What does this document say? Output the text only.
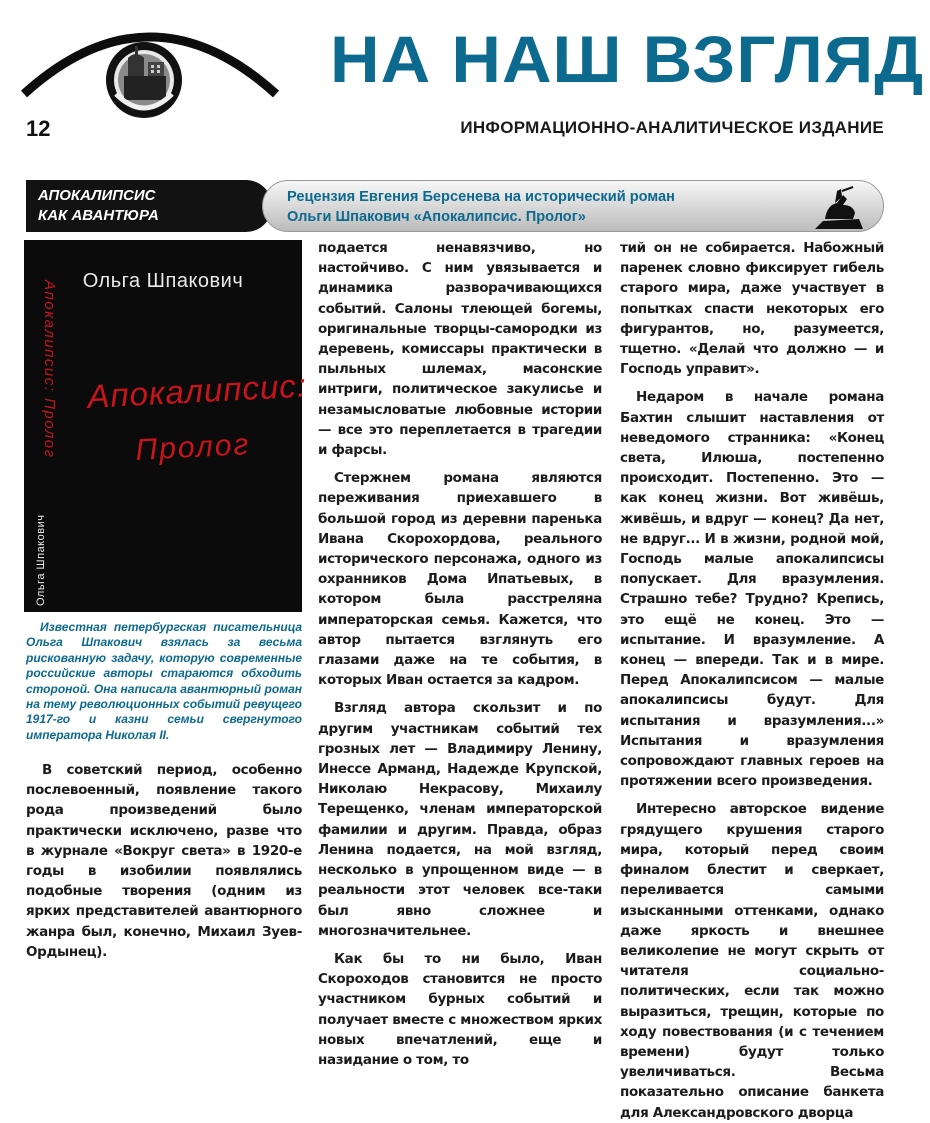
НА НАШ ВЗГЛЯД
12	ИНФОРМАЦИОННО-АНАЛИТИЧЕСКОЕ ИЗДАНИЕ
АПОКАЛИПСИС
КАК АВАНТЮРА
Рецензия Евгения Берсенева на исторический роман
Ольги Шпакович «Апокалипсис. Пролог»
Ольга Шпакович
Апокалипсис: Пролог
Ольга Шпакович
Апокалипсис:
Пролог
Известная петербургская писательница Ольга Шпакович взялась за весьма рискованную задачу, которую современные российские авторы стараются обходить стороной. Она написала авантюрный роман на тему революционных событий ревущего 1917-го и казни семьи свергнутого императора Николая II.

В советский период, особенно послевоенный, появление такого рода произведений было практически исключено, разве что в журнале «Вокруг света» в 1920-е годы в изобилии появлялись подобные творения (одним из ярких представителей авантюрного жанра был, конечно, Михаил Зуев-Ордынец).

подается ненавязчиво, но настойчиво. С ним увязывается и динамика разворачивающихся событий. Салоны тлеющей богемы, оригинальные творцы-самородки из деревень, комиссары практически в пыльных шлемах, масонские интриги, политическое закулисье и незамысловатые любовные истории — все это переплетается в трагедии и фарсы.

Стержнем романа являются переживания приехавшего в большой город из деревни паренька Ивана Скорохордова, реального исторического персонажа, одного из охранников Дома Ипатьевых, в котором была расстреляна императорская семья. Кажется, что автор пытается взглянуть его глазами даже на те события, в которых Иван остается за кадром.

Взгляд автора скользит и по другим участникам событий тех грозных лет — Владимиру Ленину, Инессе Арманд, Надежде Крупской, Николаю Некрасову, Михаилу Терещенко, членам императорской фамилии и другим. Правда, образ Ленина подается, на мой взгляд, несколько в упрощенном виде — в реальности этот человек все-таки был явно сложнее и многозначительнее.

Как бы то ни было, Иван Скороходов становится не просто участником бурных событий и получает вместе с множеством ярких новых впечатлений, еще и назидание о том, то

тий он не собирается. Набожный паренек словно фиксирует гибель старого мира, даже участвует в попытках спасти некоторых его фигурантов, но, разумеется, тщетно. «Делай что должно — и Господь управит».

Недаром в начале романа Бахтин слышит наставления от неведомого странника: «Конец света, Илюша, постепенно происходит. Постепенно. Это — как конец жизни. Вот живёшь, живёшь, и вдруг — конец? Да нет, не вдруг... И в жизни, родной мой, Господь малые апокалипсисы попускает. Для вразумления. Страшно тебе? Трудно? Крепись, это ещё не конец. Это — испытание. И вразумление. А конец — впереди. Так и в мире. Перед Апокалипсисом — малые апокалипсисы будут. Для испытания и вразумления...» Испытания и вразумления сопровождают главных героев на протяжении всего произведения.

Интересно авторское видение грядущего крушения старого мира, который перед своим финалом блестит и сверкает, переливается самыми изысканными оттенками, однако даже яркость и внешнее великолепие не могут скрыть от читателя социально-политических, если так можно выразиться, трещин, которые по ходу повествования (и с течением времени) будут только увеличиваться. Весьма показательно описание банкета для Александровского дворца
